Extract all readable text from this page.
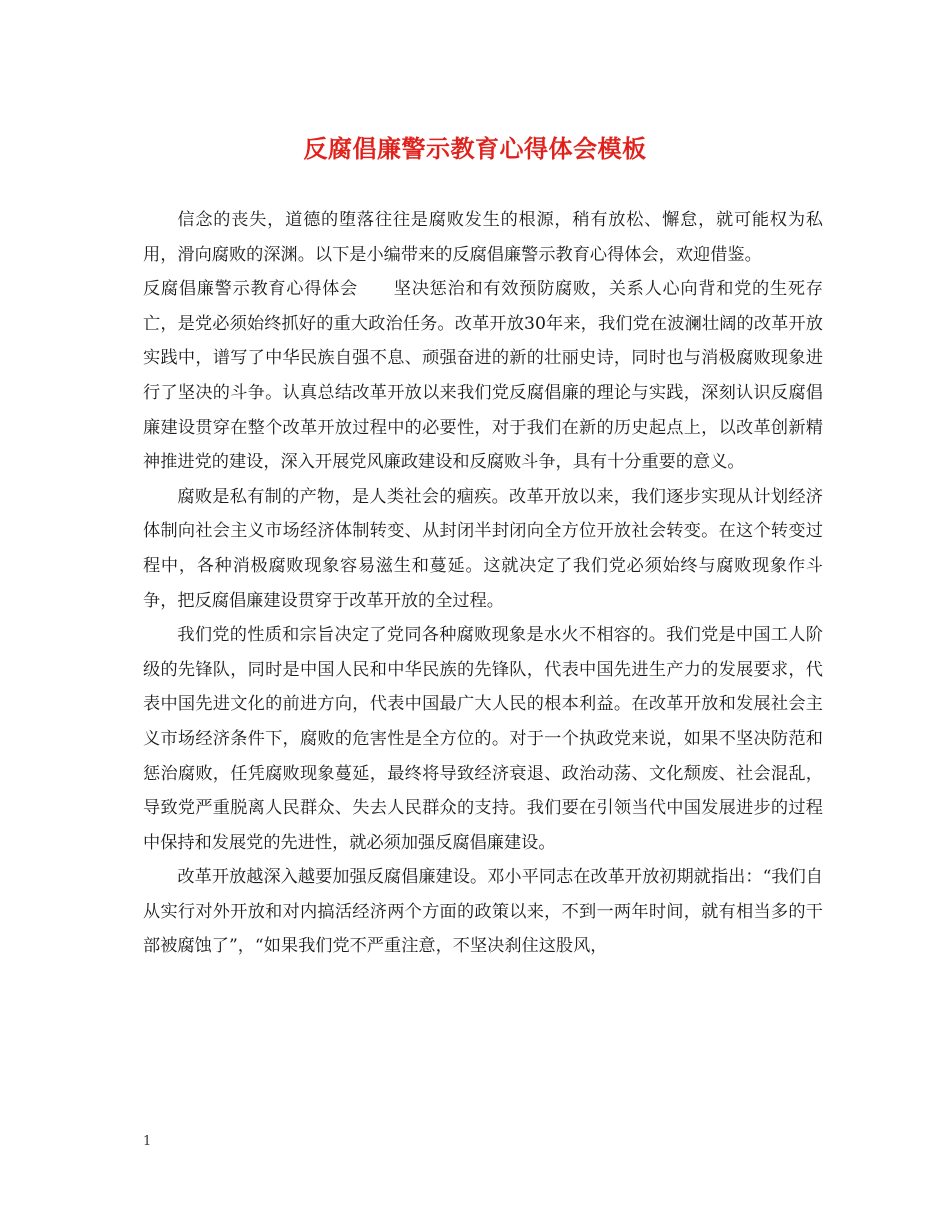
反腐倡廉警示教育心得体会模板

信念的丧失，道德的堕落往往是腐败发生的根源，稍有放松、懈怠，就可能权为私用，滑向腐败的深渊。以下是小编带来的反腐倡廉警示教育心得体会，欢迎借鉴。

反腐倡廉警示教育心得体会　　坚决惩治和有效预防腐败，关系人心向背和党的生死存亡，是党必须始终抓好的重大政治任务。改革开放30年来，我们党在波澜壮阔的改革开放实践中，谱写了中华民族自强不息、顽强奋进的新的壮丽史诗，同时也与消极腐败现象进行了坚决的斗争。认真总结改革开放以来我们党反腐倡廉的理论与实践，深刻认识反腐倡廉建设贯穿在整个改革开放过程中的必要性，对于我们在新的历史起点上，以改革创新精神推进党的建设，深入开展党风廉政建设和反腐败斗争，具有十分重要的意义。

腐败是私有制的产物，是人类社会的痼疾。改革开放以来，我们逐步实现从计划经济体制向社会主义市场经济体制转变、从封闭半封闭向全方位开放社会转变。在这个转变过程中，各种消极腐败现象容易滋生和蔓延。这就决定了我们党必须始终与腐败现象作斗争，把反腐倡廉建设贯穿于改革开放的全过程。

我们党的性质和宗旨决定了党同各种腐败现象是水火不相容的。我们党是中国工人阶级的先锋队，同时是中国人民和中华民族的先锋队，代表中国先进生产力的发展要求，代表中国先进文化的前进方向，代表中国最广大人民的根本利益。在改革开放和发展社会主义市场经济条件下，腐败的危害性是全方位的。对于一个执政党来说，如果不坚决防范和惩治腐败，任凭腐败现象蔓延，最终将导致经济衰退、政治动荡、文化颓废、社会混乱，导致党严重脱离人民群众、失去人民群众的支持。我们要在引领当代中国发展进步的过程中保持和发展党的先进性，就必须加强反腐倡廉建设。

改革开放越深入越要加强反腐倡廉建设。邓小平同志在改革开放初期就指出：“我们自从实行对外开放和对内搞活经济两个方面的政策以来，不到一两年时间，就有相当多的干部被腐蚀了”，“如果我们党不严重注意，不坚决刹住这股风，

1
